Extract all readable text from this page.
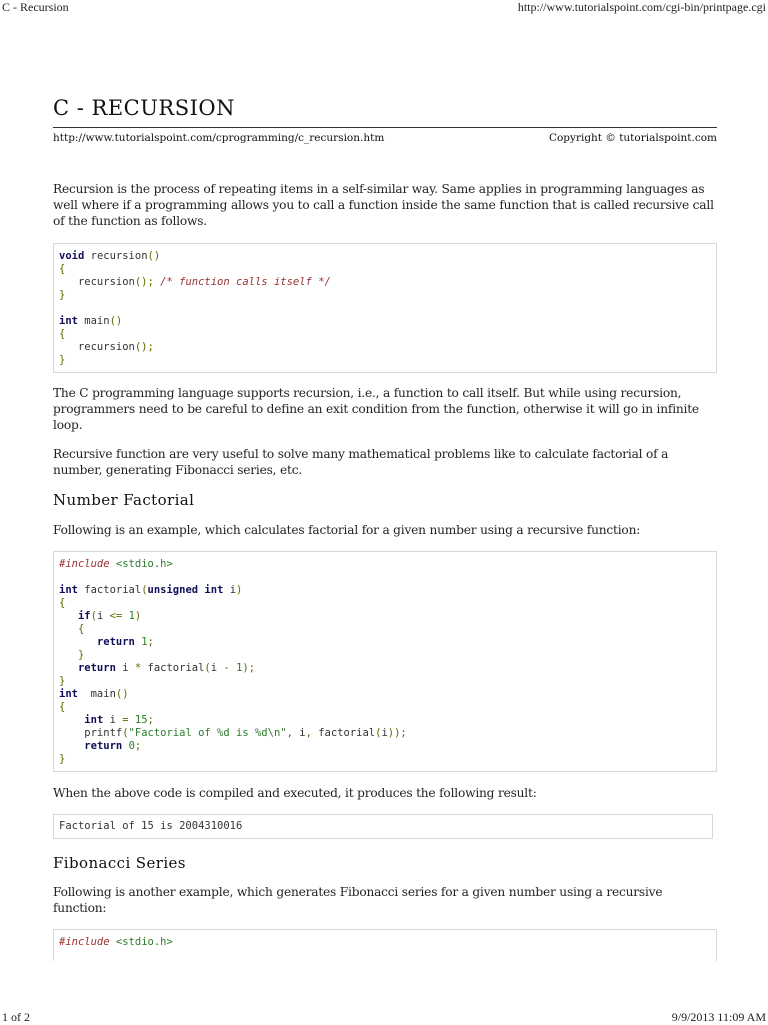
C - Recursion	http://www.tutorialspoint.com/cgi-bin/printpage.cgi
C - RECURSION
http://www.tutorialspoint.com/cprogramming/c_recursion.htm	Copyright © tutorialspoint.com

Recursion is the process of repeating items in a self-similar way. Same applies in programming languages as well where if a programming allows you to call a function inside the same function that is called recursive call of the function as follows.

void recursion()
{
recursion(); /* function calls itself */
}
int main()
{
recursion();
}

The C programming language supports recursion, i.e., a function to call itself. But while using recursion, programmers need to be careful to define an exit condition from the function, otherwise it will go in infinite loop.

Recursive function are very useful to solve many mathematical problems like to calculate factorial of a number, generating Fibonacci series, etc.

Number Factorial

Following is an example, which calculates factorial for a given number using a recursive function:

#include <stdio.h>
int factorial(unsigned int i)
{
if(i <= 1)
{
return 1;
}
return i * factorial(i - 1);
}
int  main()
{
int i = 15;
printf("Factorial of %d is %d\n", i, factorial(i));
return 0;
}

When the above code is compiled and executed, it produces the following result:

Factorial of 15 is 2004310016
Fibonacci Series

Following is another example, which generates Fibonacci series for a given number using a recursive function:

#include <stdio.h>
1 of 2	9/9/2013 11:09 AM
